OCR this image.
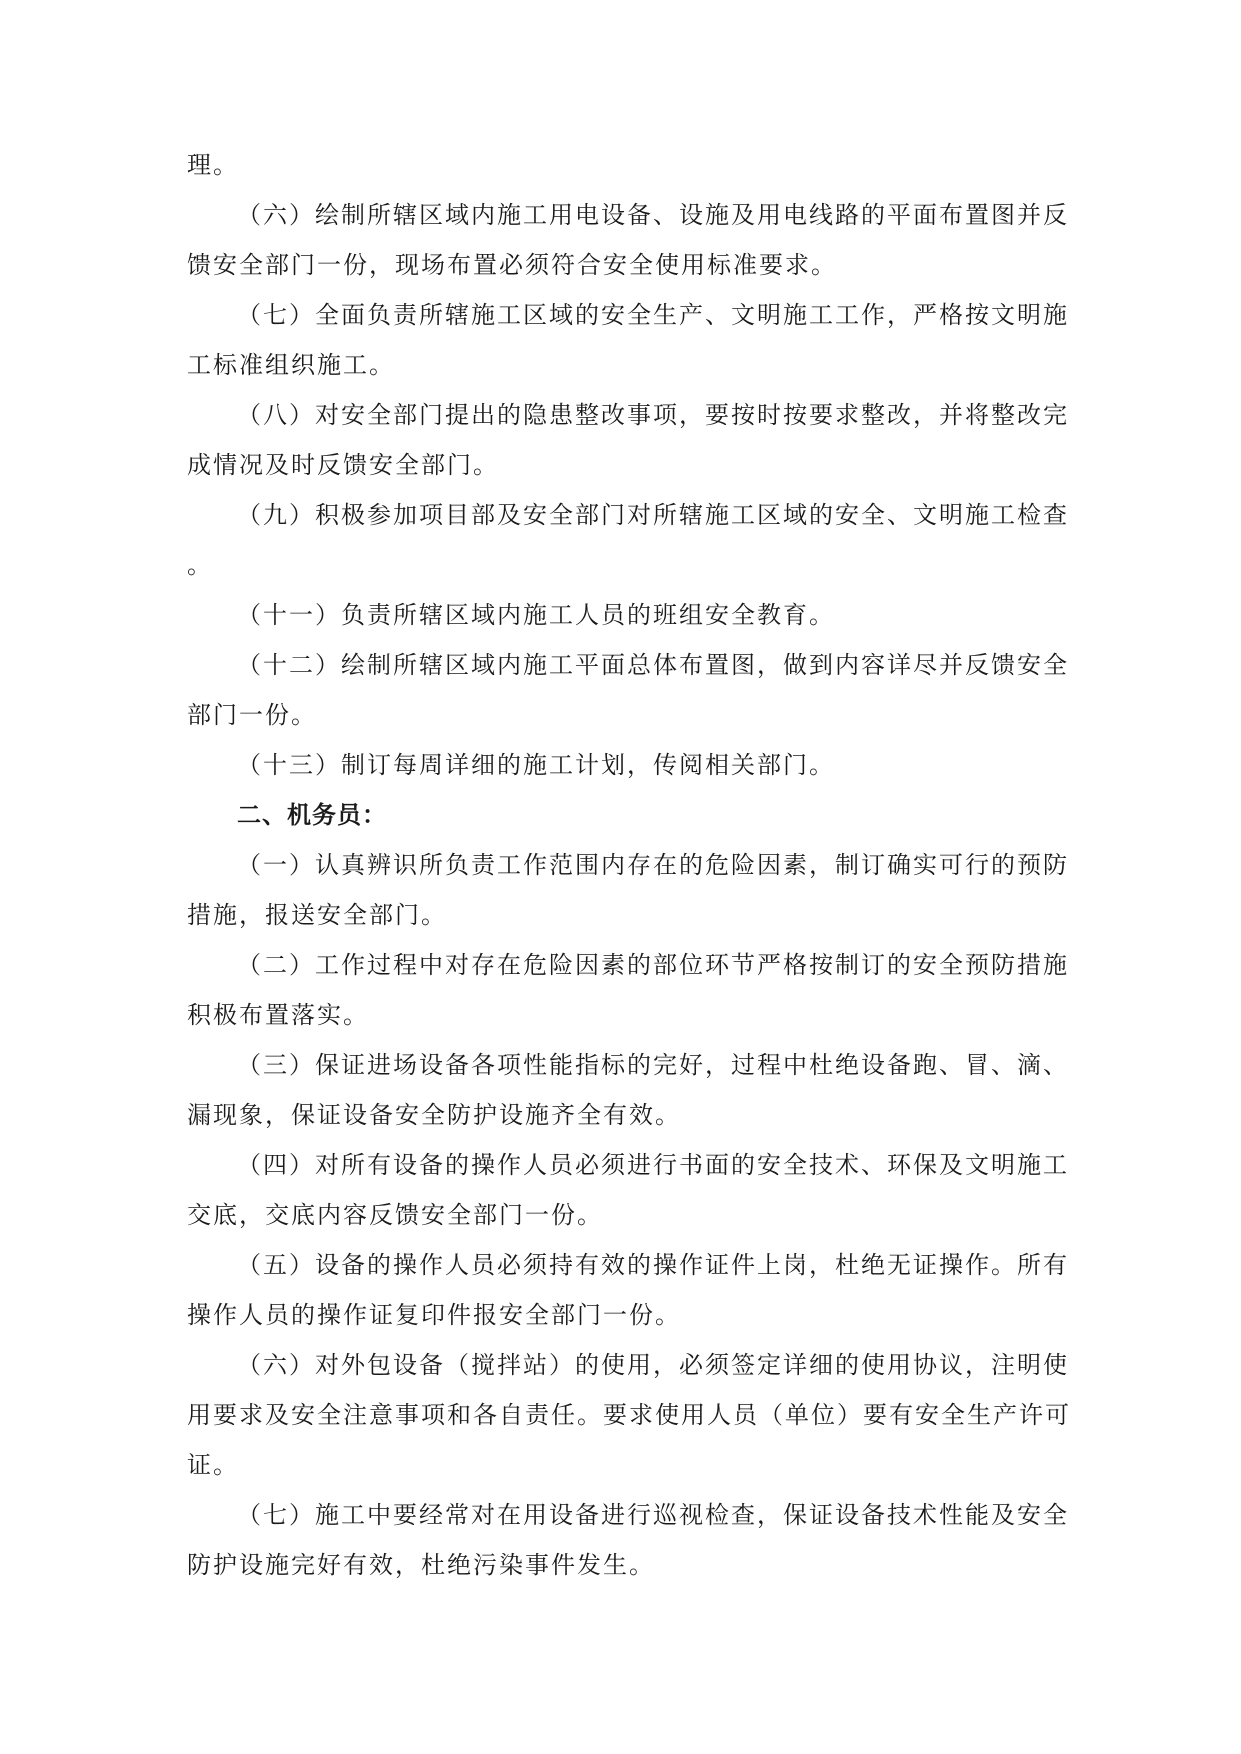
理。
（六）绘制所辖区域内施工用电设备、设施及用电线路的平面布置图并反
馈安全部门一份，现场布置必须符合安全使用标准要求。
（七）全面负责所辖施工区域的安全生产、文明施工工作，严格按文明施
工标准组织施工。
（八）对安全部门提出的隐患整改事项，要按时按要求整改，并将整改完
成情况及时反馈安全部门。
（九）积极参加项目部及安全部门对所辖施工区域的安全、文明施工检查
。
（十一）负责所辖区域内施工人员的班组安全教育。
（十二）绘制所辖区域内施工平面总体布置图，做到内容详尽并反馈安全
部门一份。
（十三）制订每周详细的施工计划，传阅相关部门。
二、机务员：
（一）认真辨识所负责工作范围内存在的危险因素，制订确实可行的预防
措施，报送安全部门。
（二）工作过程中对存在危险因素的部位环节严格按制订的安全预防措施
积极布置落实。
（三）保证进场设备各项性能指标的完好，过程中杜绝设备跑、冒、滴、
漏现象，保证设备安全防护设施齐全有效。
（四）对所有设备的操作人员必须进行书面的安全技术、环保及文明施工
交底，交底内容反馈安全部门一份。
（五）设备的操作人员必须持有效的操作证件上岗，杜绝无证操作。所有
操作人员的操作证复印件报安全部门一份。
（六）对外包设备（搅拌站）的使用，必须签定详细的使用协议，注明使
用要求及安全注意事项和各自责任。要求使用人员（单位）要有安全生产许可
证。
（七）施工中要经常对在用设备进行巡视检查，保证设备技术性能及安全
防护设施完好有效，杜绝污染事件发生。
